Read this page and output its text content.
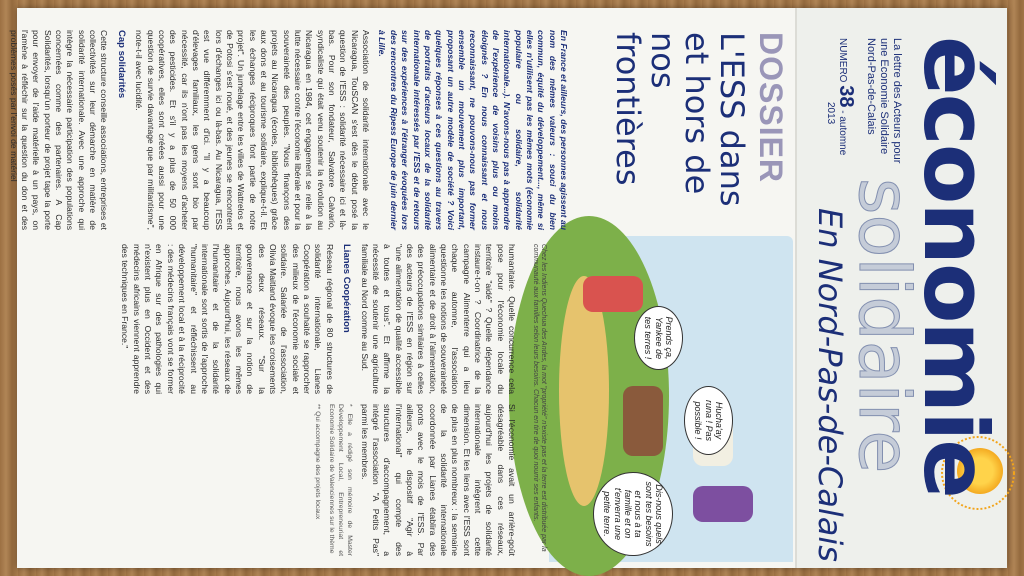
économie
solidaire
En Nord-Pas-de-Calais
La lettre des Acteurs pour une Economie Solidaire Nord-Pas-de-Calais
NUMERO 38 - automne
2013
DOSSIER
L'ESS dans et hors de nos frontières
Prends ça, Yankee de tes terres !
Hucha'ay runa ! Pas possible !
Dis-nous quels sont tes besoins et nous à ta famille et on t'enverra une petite terre.
Chez les Indiens Quechua des Andes, la mot "propriété" n'existe pas et la terre est distribuée par la communauté aux familles selon leurs besoins. Chacun en tire de quoi nourrir ses enfants.

En France et ailleurs, des personnes agissent au nom des mêmes valeurs : souci du bien commun, équité du développement..., même si elles n'utilisent pas les mêmes mots (économie populaire ou solidaire, solidarité internationale...). N'avons-nous pas à apprendre de l'expérience de voisins plus ou moins éloignés ? En nous connaissant et nous reconnaissant, ne pouvons-nous pas former ensemble un mouvement plus important, proposant un autre modèle de société ? Voici quelques réponses à ces questions au travers de portraits d'acteurs locaux de la solidarité internationale intéressés par l'ESS et de retours sur des expériences à l'étranger évoquées lors des rencontres du Ripess Europe de juin dernier à Lille.

Association de solidarité internationale avec le Nicaragua, TouSCAN s'est dès le début posé la question de l'ESS : solidarité nécessaire ici et là-bas. Pour son fondateur, Salvatore Calvario, syndicaliste qui était venu soutenir la révolution au Nicaragua en 1984, cet engagement se relie à la lutte nécessaire contre l'économie libérale et pour la souveraineté des peuples. "Nous finançons des projets au Nicaragua (écoles, bibliothèques) grâce aux dons et au tourisme solidaire, explique-t-il. Et les échanges réciproques font partie de notre projet". Un jumelage entre les villes de Wattrelos et de Potosi s'est noué, et des jeunes se rencontrent lors d'échanges ici ou là-bas. Au Nicaragua, l'ESS est vue différemment d'ici. "Il y a beaucoup d'élevages familiaux, les gens sont bio par nécessité, car ils n'ont pas les moyens d'acheter des pesticides. Et s'il y a plus de 50 000 coopératives, elles sont créées aussi pour une question de survie davantage que par militantisme", note-t-il avec lucidité.

Cap solidarités

Cette structure conseille associations, entreprises et collectivités sur leur démarche en matière de solidarité internationale. Avec une approche qui intègre la nécessaire participation des populations concernées comme des partenaires. A Cap Solidarités, lorsqu'un porteur de projet tape la porte pour envoyer de l'aide matérielle à un pays, on l'amène à réfléchir sur la question du don et des problèmes posés par l'envoi de matériel

humanitaire. Quelle concurrence cela pose pour l'économie locale du territoire "aidé" ? Quelle dépendance instaure-t-on ? Coordinatrice de la campagne Alimenterre qui a lieu chaque automne, l'association questionne les notions de souveraineté alimentaire et de droit à l'alimentation, des préoccupations similaires à celles des acteurs de l'ESS en région sur "une alimentation de qualité accessible à toutes et tous". Et affirme la nécessité de soutenir une agriculture familiale au Nord comme au Sud.

Lianes Coopération

Réseau régional de 80 structures de solidarité internationale, Lianes Coopération a souhaité se rapprocher des milieux de l'économie sociale et solidaire. Salariée de l'association, Olivia Maitland évoque les croisements des deux réseaux. "Sur la gouvernance et sur la notion de territoire, nous avons les mêmes approches. Aujourd'hui, les réseaux de l'humanitaire et de la solidarité internationale sont sortis de l'approche "humanitaire" et réfléchissent au développement local et à la réciprocité : des médecins français vont se former en Afrique sur des pathologies qui n'existent plus en Occident et des médecins africains viennent apprendre des techniques en France."

Si l'économie avait un arrière-goût désagréable dans ces réseaux, aujourd'hui les projets de solidarité internationale intègrent cette dimension. Et les liens avec l'ESS sont de plus en plus nombreux : la semaine de la solidarité internationale coordonnée par Lianes établira des ponts avec le mois de l'ESS. Par ailleurs, le dispositif "Agir à l'international" qui compte des structures d'accompagnement, a intégré l'association "A Petits Pas" parmi les membres.

* Elle a rédigé son mémoire de Master Développement Local, Entrepreneuriat et Economie Solidaire de Valenciennes sur le thème

** Qui accompagne des projets locaux
